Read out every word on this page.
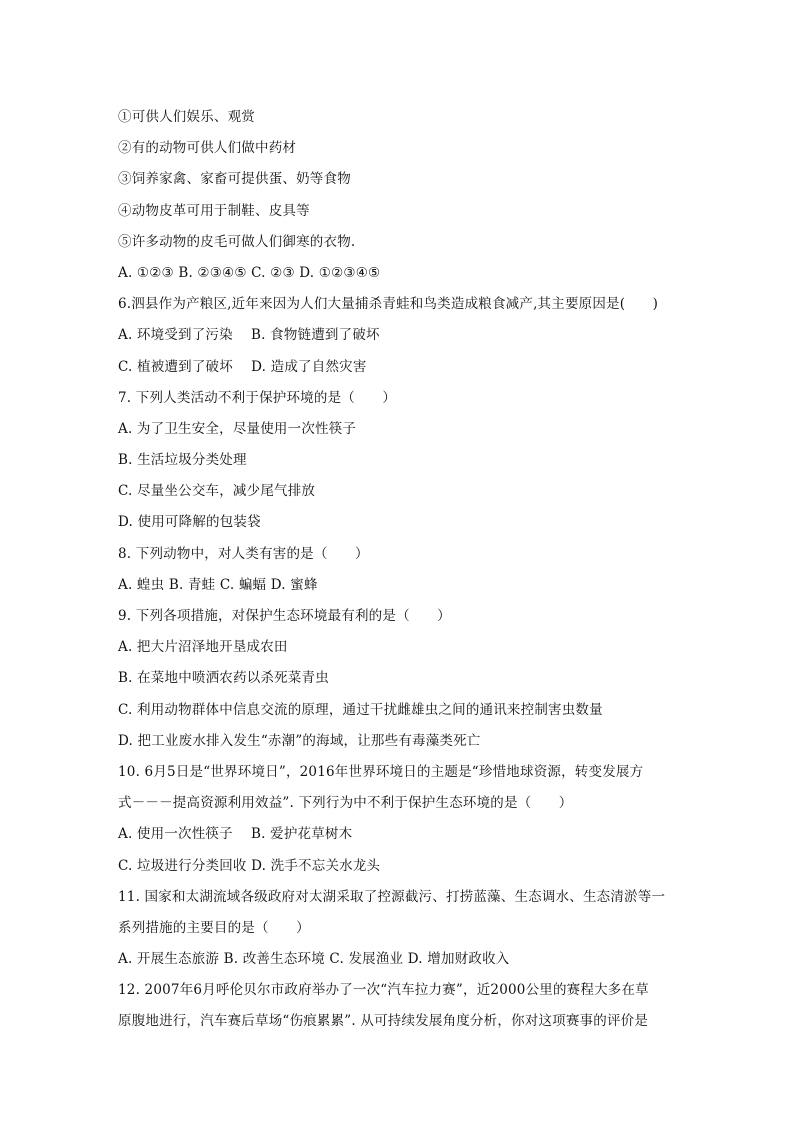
①可供人们娱乐、观赏
②有的动物可供人们做中药材
③饲养家禽、家畜可提供蛋、奶等食物
④动物皮革可用于制鞋、皮具等
⑤许多动物的皮毛可做人们御寒的衣物.
A. ①②③ B. ②③④⑤ C. ②③ D. ①②③④⑤
6.泗县作为产粮区,近年来因为人们大量捕杀青蛙和鸟类造成粮食减产,其主要原因是(　　)
A. 环境受到了污染　 B. 食物链遭到了破坏
C. 植被遭到了破坏　 D. 造成了自然灾害
7. 下列人类活动不利于保护环境的是（　　）
A. 为了卫生安全，尽量使用一次性筷子
B. 生活垃圾分类处理
C. 尽量坐公交车，减少尾气排放
D. 使用可降解的包装袋
8. 下列动物中，对人类有害的是（　　）
A. 蝗虫 B. 青蛙 C. 蝙蝠 D. 蜜蜂
9. 下列各项措施，对保护生态环境最有利的是（　　）
A. 把大片沼泽地开垦成农田
B. 在菜地中喷洒农药以杀死菜青虫
C. 利用动物群体中信息交流的原理，通过干扰雌雄虫之间的通讯来控制害虫数量
D. 把工业废水排入发生“赤潮”的海域，让那些有毒藻类死亡
10. 6月5日是“世界环境日”，2016年世界环境日的主题是“珍惜地球资源，转变发展方
式－－－提高资源利用效益”. 下列行为中不利于保护生态环境的是（　　）
A. 使用一次性筷子　 B. 爱护花草树木
C. 垃圾进行分类回收 D. 洗手不忘关水龙头
11. 国家和太湖流域各级政府对太湖采取了控源截污、打捞蓝藻、生态调水、生态清淤等一
系列措施的主要目的是（　　）
A. 开展生态旅游 B. 改善生态环境 C. 发展渔业 D. 增加财政收入
12. 2007年6月呼伦贝尔市政府举办了一次“汽车拉力赛”，近2000公里的赛程大多在草
原腹地进行，汽车赛后草场“伤痕累累”. 从可持续发展角度分析，你对这项赛事的评价是
